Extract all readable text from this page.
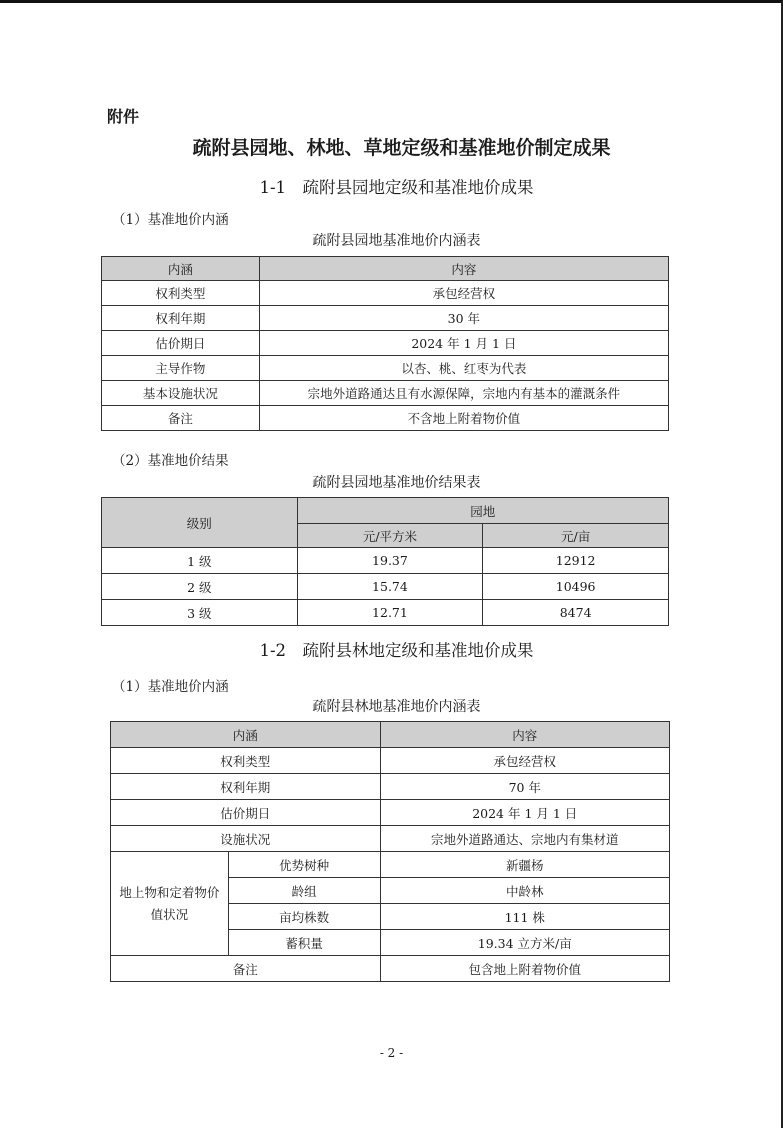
附件
疏附县园地、林地、草地定级和基准地价制定成果
1-1　疏附县园地定级和基准地价成果
（1）基准地价内涵
疏附县园地基准地价内涵表
内涵	内容
权利类型	承包经营权
权利年期	30 年
估价期日	2024 年 1 月 1 日
主导作物	以杏、桃、红枣为代表
基本设施状况	宗地外道路通达且有水源保障，宗地内有基本的灌溉条件
备注	不含地上附着物价值
（2）基准地价结果
疏附县园地基准地价结果表
级别	园地	
	元/平方米	元/亩
1 级	19.37	12912
2 级	15.74	10496
3 级	12.71	8474
1-2　疏附县林地定级和基准地价成果
（1）基准地价内涵
疏附县林地基准地价内涵表
内涵		内容
权利类型		承包经营权
权利年期		70 年
估价期日		2024 年 1 月 1 日
设施状况		宗地外道路通达、宗地内有集材道
地上物和定着物价值状况	优势树种	新疆杨
	龄组	中龄林
	亩均株数	111 株
	蓄积量	19.34 立方米/亩
备注		包含地上附着物价值
- 2 -
